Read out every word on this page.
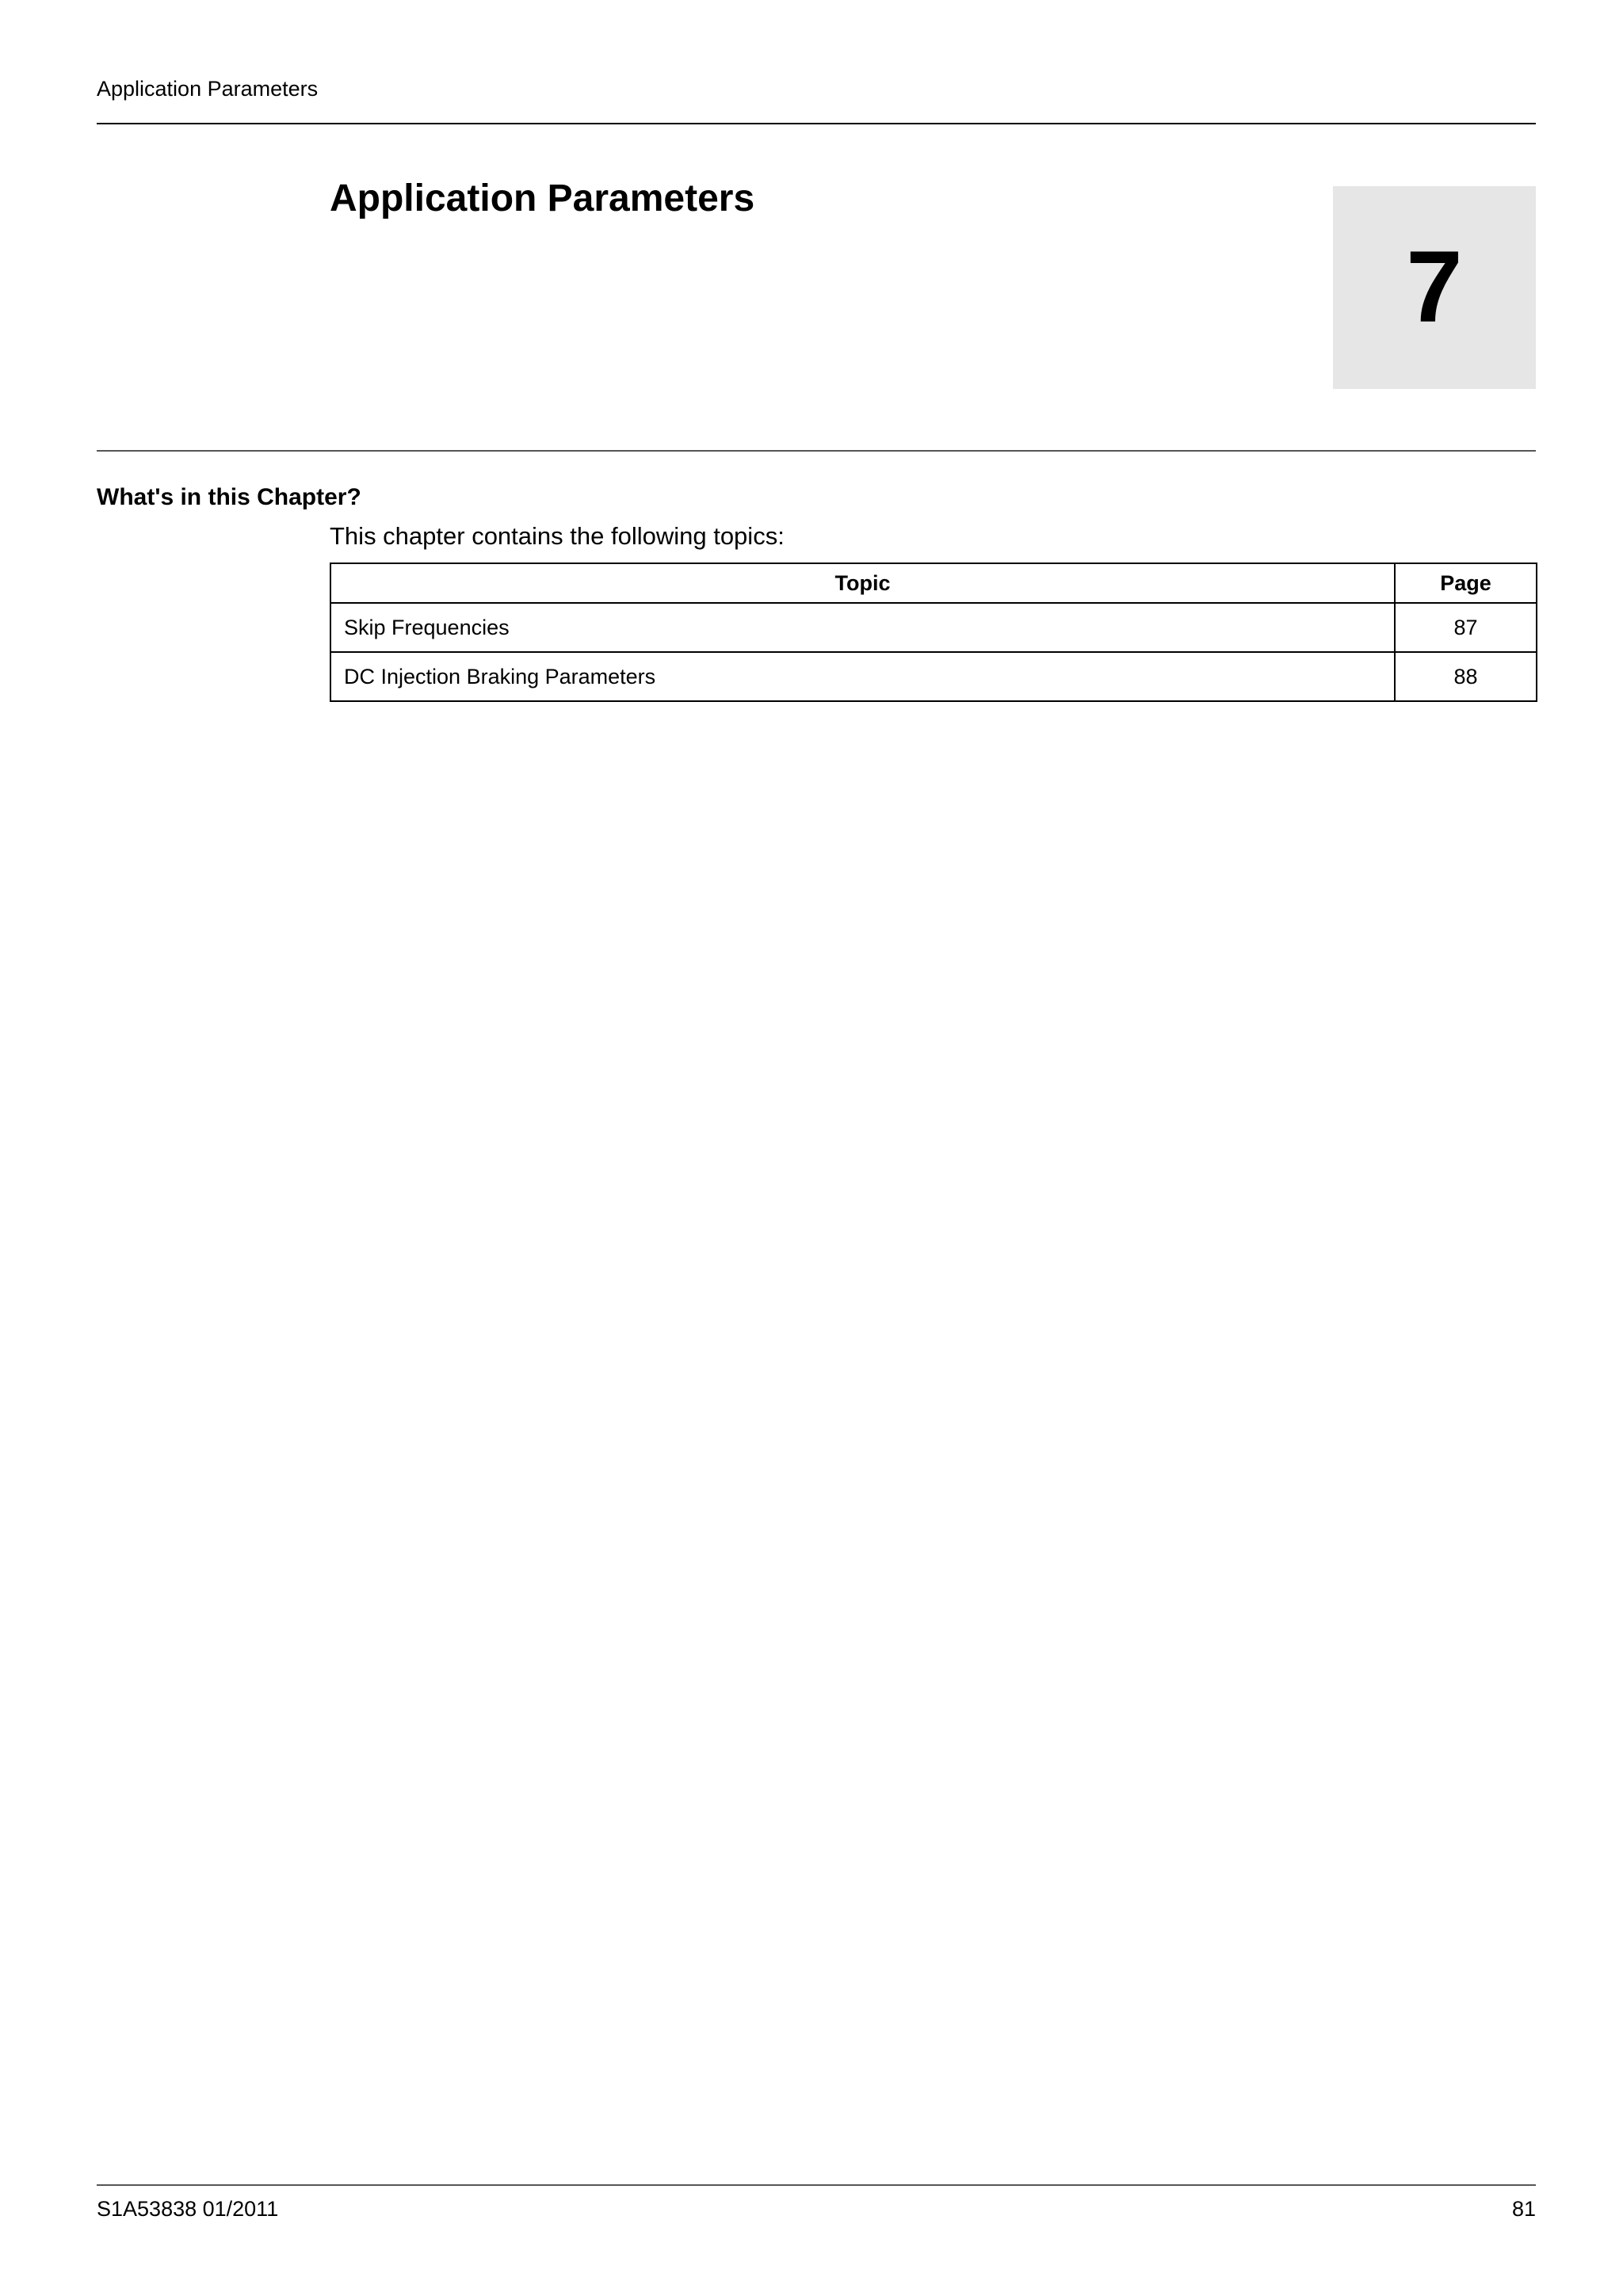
Application Parameters
Application Parameters
7
What's in this Chapter?

This chapter contains the following topics:

Topic	Page
Skip Frequencies	87
DC Injection Braking Parameters	88
S1A53838 01/2011	81
